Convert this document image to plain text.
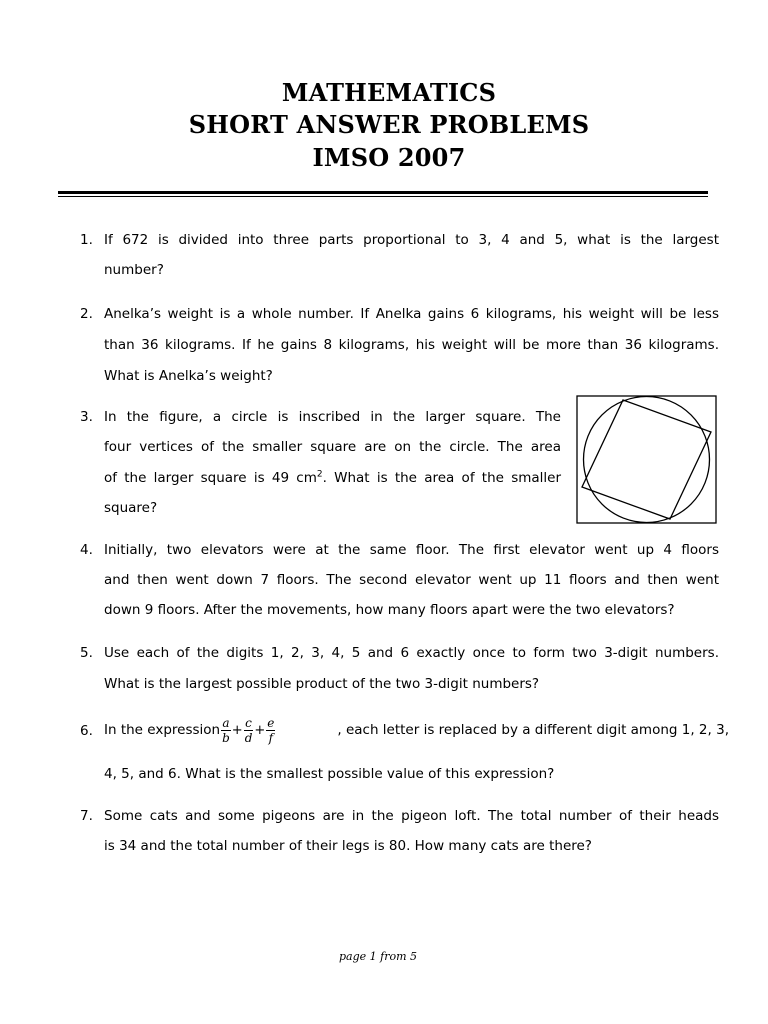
MATHEMATICS
SHORT ANSWER PROBLEMS
IMSO 2007
1. If 672 is divided into three parts proportional to 3, 4 and 5, what is the largest
number?
2. Anelka’s weight is a whole number. If Anelka gains 6 kilograms, his weight will be less
than 36 kilograms. If he gains 8 kilograms, his weight will be more than 36 kilograms.
What is Anelka’s weight?
3. In the figure, a circle is inscribed in the larger square. The
four vertices of the smaller square are on the circle. The area
of the larger square is 49 $cm^2$. What is the area of the smaller
square?
4. Initially, two elevators were at the same floor. The first elevator went up 4 floors
and then went down 7 floors. The second elevator went up 11 floors and then went
down 9 floors. After the movements, how many floors apart were the two elevators?
5. Use each of the digits 1, 2, 3, 4, 5 and 6 exactly once to form two 3-digit numbers.
What is the largest possible product of the two 3-digit numbers?
6. In the expression $\frac{a}{b} + \frac{c}{d} + \frac{e}{f}$	, each letter is replaced by a different digit among 1, 2, 3,
4, 5, and 6. What is the smallest possible value of this expression?
7. Some cats and some pigeons are in the pigeon loft. The total number of their heads
is 34 and the total number of their legs is 80. How many cats are there?
page 1 from 5
